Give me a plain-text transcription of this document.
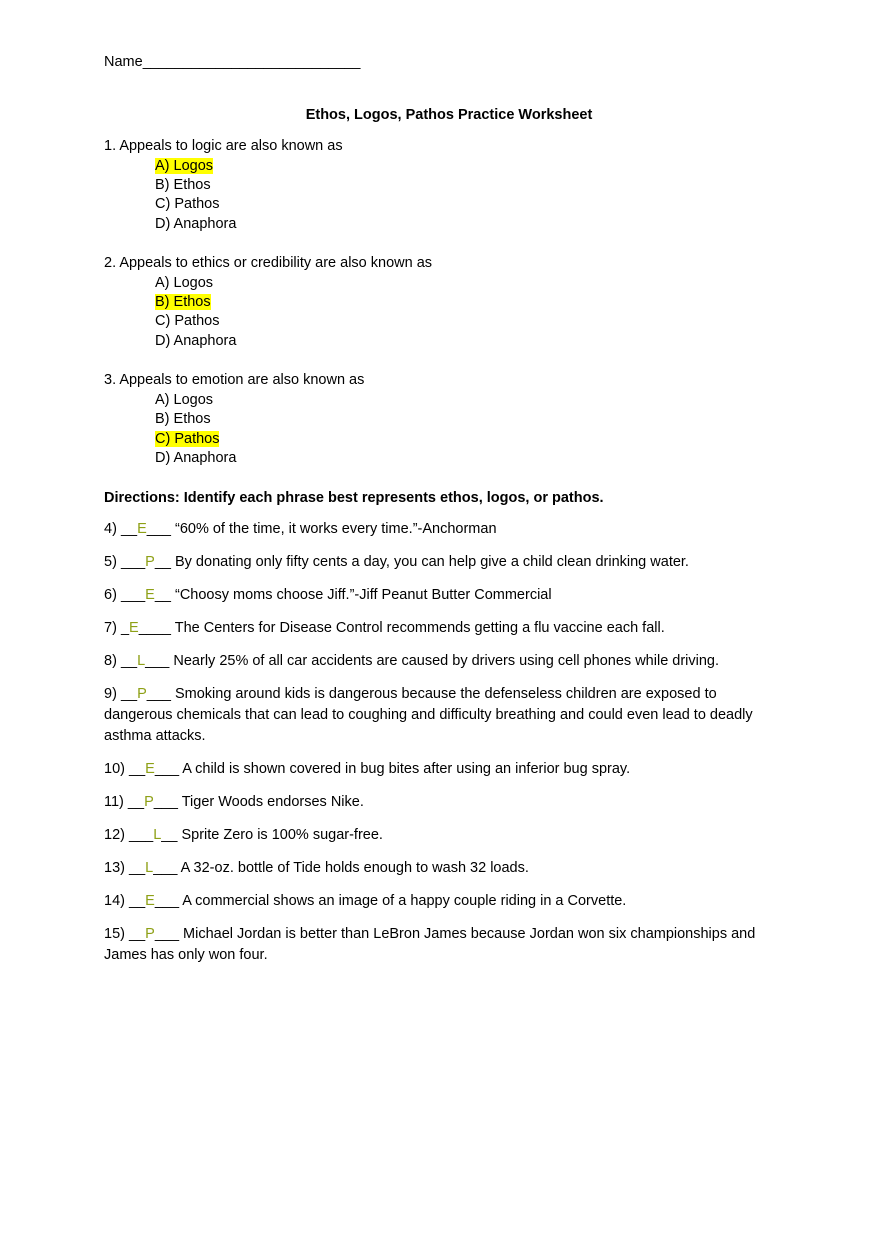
Name___________________________
Ethos, Logos, Pathos Practice Worksheet
1. Appeals to logic are also known as
A) Logos
B) Ethos
C) Pathos
D) Anaphora
2. Appeals to ethics or credibility are also known as
A) Logos
B) Ethos
C) Pathos
D) Anaphora
3. Appeals to emotion are also known as
A) Logos
B) Ethos
C) Pathos
D) Anaphora
Directions: Identify each phrase best represents ethos, logos, or pathos.
4) __E___ “60% of the time, it works every time.”-Anchorman
5) ___P__ By donating only fifty cents a day, you can help give a child clean drinking water.
6) ___E__ “Choosy moms choose Jiff.”-Jiff Peanut Butter Commercial
7) _E____ The Centers for Disease Control recommends getting a flu vaccine each fall.
8) __L___ Nearly 25% of all car accidents are caused by drivers using cell phones while driving.
9) __P___ Smoking around kids is dangerous because the defenseless children are exposed to dangerous chemicals that can lead to coughing and difficulty breathing and could even lead to deadly asthma attacks.
10) __E___ A child is shown covered in bug bites after using an inferior bug spray.
11) __P___ Tiger Woods endorses Nike.
12) ___L__ Sprite Zero is 100% sugar-free.
13) __L___ A 32-oz. bottle of Tide holds enough to wash 32 loads.
14) __E___ A commercial shows an image of a happy couple riding in a Corvette.
15) __P___ Michael Jordan is better than LeBron James because Jordan won six championships and James has only won four.
